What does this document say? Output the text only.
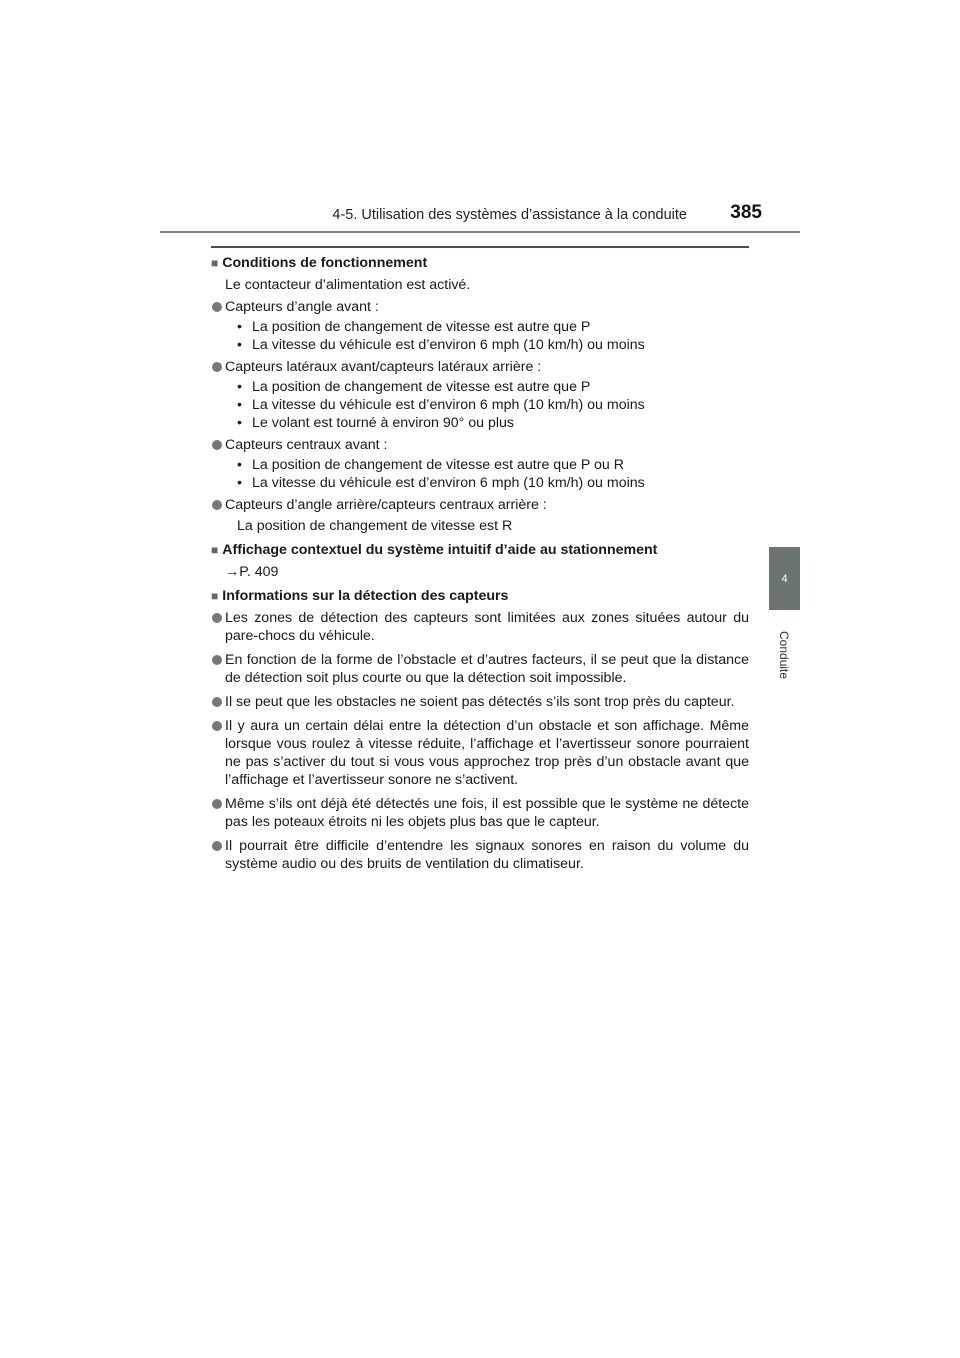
4-5. Utilisation des systèmes d’assistance à la conduite	385
4
Conduite
■ Conditions de fonctionnement
Le contacteur d’alimentation est activé.
Capteurs d’angle avant :
• La position de changement de vitesse est autre que P
• La vitesse du véhicule est d’environ 6 mph (10 km/h) ou moins
Capteurs latéraux avant/capteurs latéraux arrière :
• La position de changement de vitesse est autre que P
• La vitesse du véhicule est d’environ 6 mph (10 km/h) ou moins
• Le volant est tourné à environ 90° ou plus
Capteurs centraux avant :
• La position de changement de vitesse est autre que P ou R
• La vitesse du véhicule est d’environ 6 mph (10 km/h) ou moins
Capteurs d’angle arrière/capteurs centraux arrière :
La position de changement de vitesse est R
■ Affichage contextuel du système intuitif d’aide au stationnement
→P. 409
■ Informations sur la détection des capteurs
Les zones de détection des capteurs sont limitées aux zones situées autour du pare-chocs du véhicule.
En fonction de la forme de l’obstacle et d’autres facteurs, il se peut que la distance de détection soit plus courte ou que la détection soit impossible.
Il se peut que les obstacles ne soient pas détectés s’ils sont trop près du capteur.
Il y aura un certain délai entre la détection d’un obstacle et son affichage. Même lorsque vous roulez à vitesse réduite, l’affichage et l’avertisseur sonore pourraient ne pas s’activer du tout si vous vous approchez trop près d’un obstacle avant que l’affichage et l’avertisseur sonore ne s’activent.
Même s’ils ont déjà été détectés une fois, il est possible que le système ne détecte pas les poteaux étroits ni les objets plus bas que le capteur.
Il pourrait être difficile d’entendre les signaux sonores en raison du volume du système audio ou des bruits de ventilation du climatiseur.
